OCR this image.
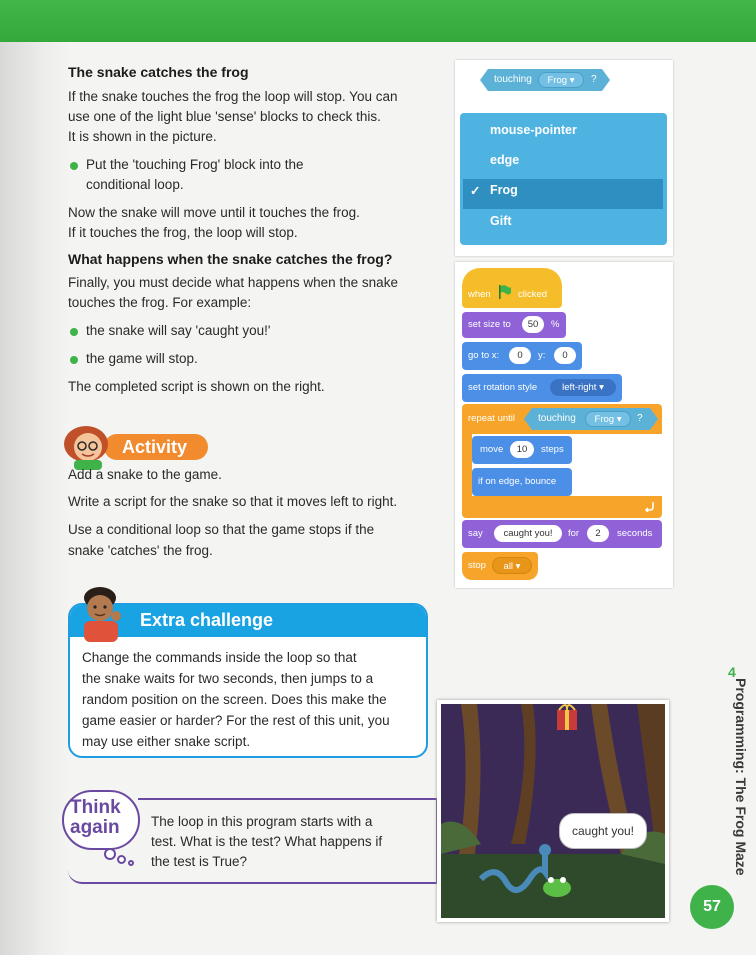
The snake catches the frog
If the snake touches the frog the loop will stop. You can
use one of the light blue 'sense' blocks to check this.
It is shown in the picture.
Put the 'touching Frog' block into the
conditional loop.
Now the snake will move until it touches the frog.
If it touches the frog, the loop will stop.
What happens when the snake catches the frog?
Finally, you must decide what happens when the snake
touches the frog. For example:
the snake will say 'caught you!'
the game will stop.
The completed script is shown on the right.
Activity
Add a snake to the game.
Write a script for the snake so that it moves left to right.
Use a conditional loop so that the game stops if the
snake 'catches' the frog.
Extra challenge
Change the commands inside the loop so that
the snake waits for two seconds, then jumps to a
random position on the screen. Does this make the
game easier or harder? For the rest of this unit, you
may use either snake script.
Think
again The loop in this program starts with a
test. What is the test? What happens if
the test is True?
touching	Frog ▾	?
mouse-pointer
edge
✓ Frog
Gift
when	clicked
set size to	50	%
go to x:	0	y:	0
set rotation style	left-right ▾
repeat until touching	Frog ▾	?
move	10	steps
if on edge, bounce
say	caught you!	for	2	seconds
stop	all ▾
caught you!
4
Programming: The Frog Maze
57
